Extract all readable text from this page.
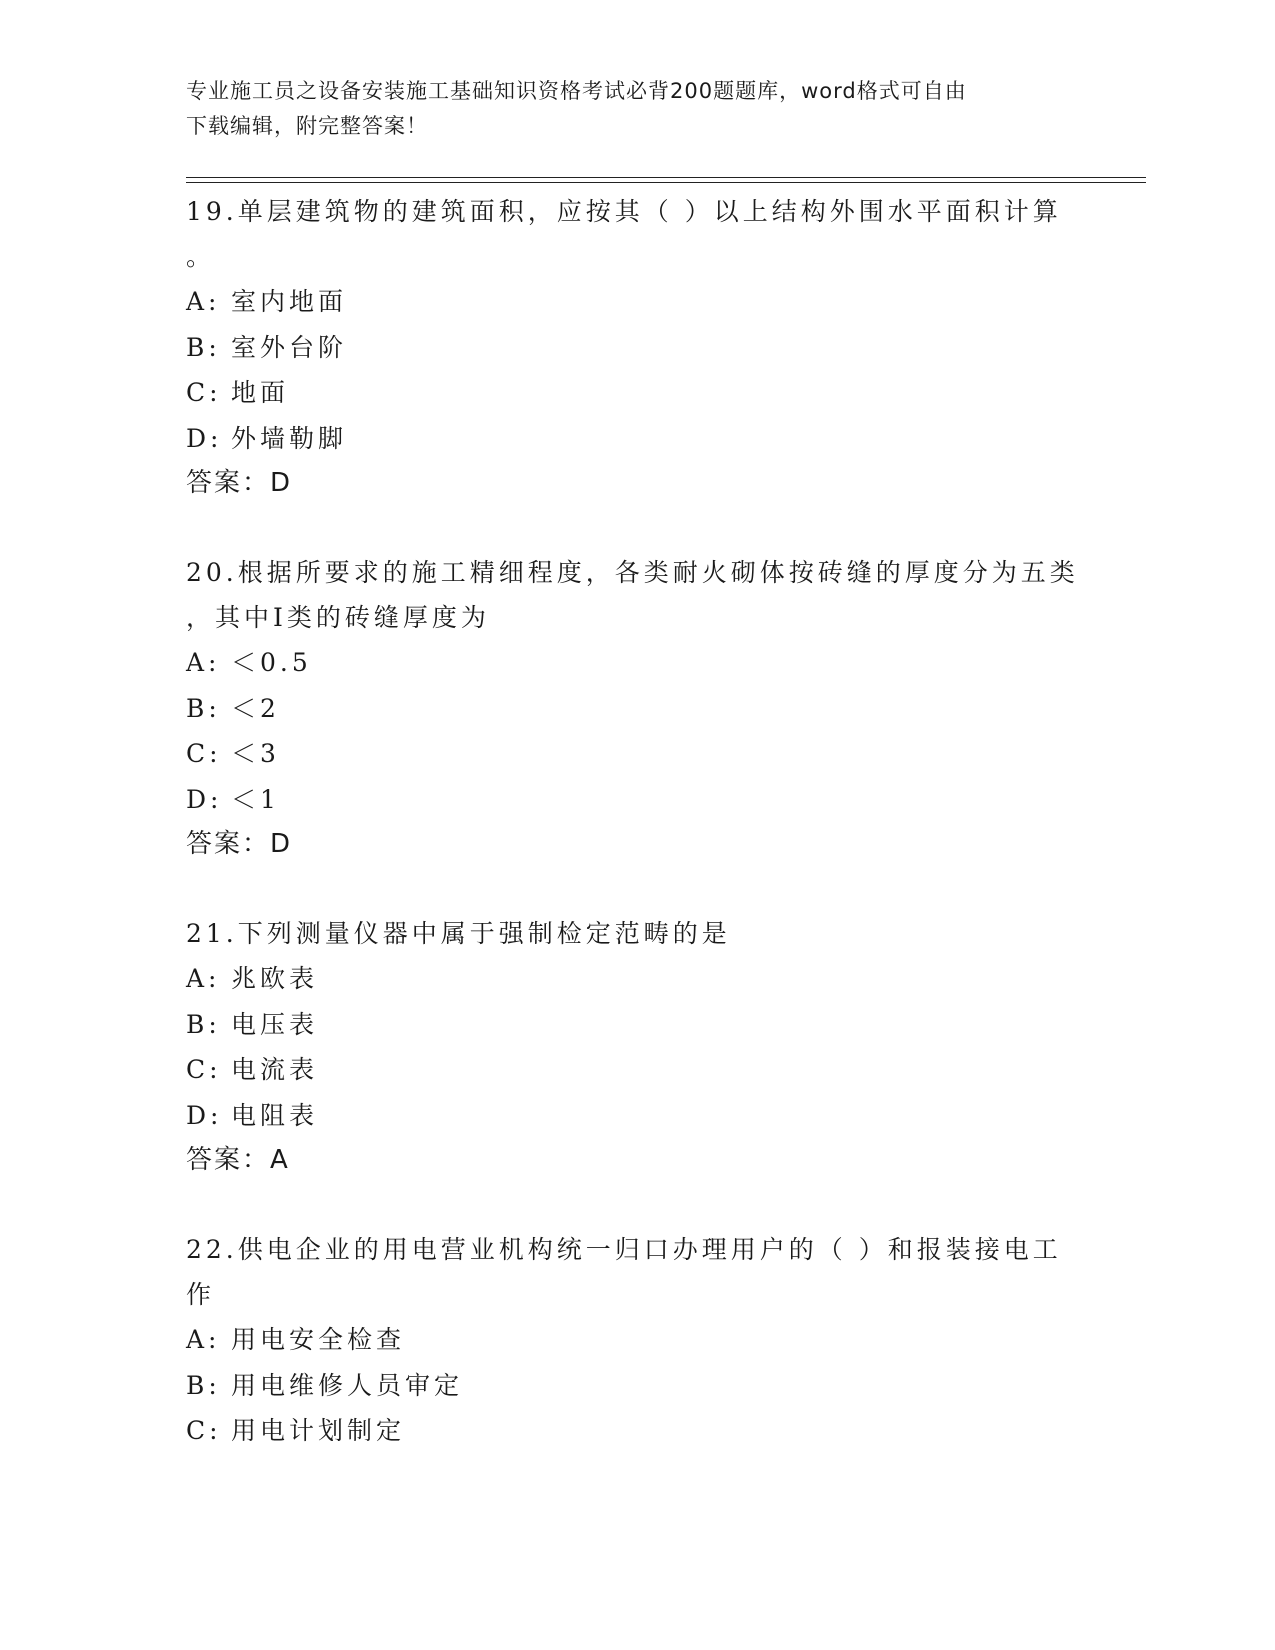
专业施工员之设备安装施工基础知识资格考试必背200题题库，word格式可自由
下载编辑，附完整答案！
19.单层建筑物的建筑面积，应按其（ ）以上结构外围水平面积计算
。
A: 室内地面
B: 室外台阶
C: 地面
D: 外墙勒脚
答案：D
20.根据所要求的施工精细程度，各类耐火砌体按砖缝的厚度分为五类
，其中Ⅰ类的砖缝厚度为
A: ＜0.5
B: ＜2
C: ＜3
D: ＜1
答案：D
21.下列测量仪器中属于强制检定范畴的是
A: 兆欧表
B: 电压表
C: 电流表
D: 电阻表
答案：A
22.供电企业的用电营业机构统一归口办理用户的（ ）和报装接电工
作
A: 用电安全检查
B: 用电维修人员审定
C: 用电计划制定
